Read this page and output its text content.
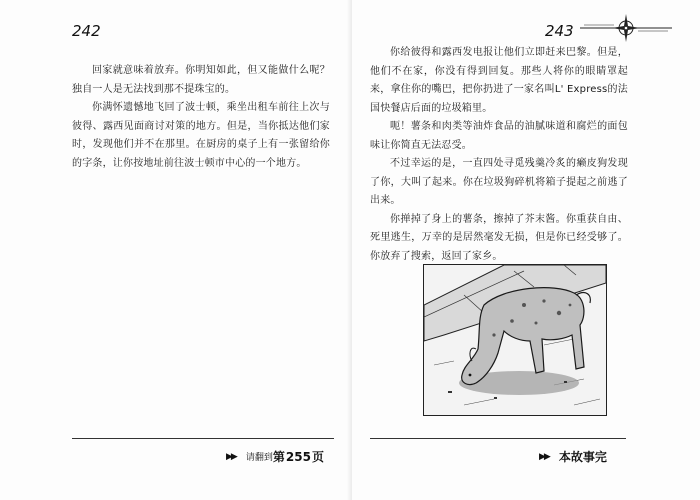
242

回家就意味着放弃。你明知如此，但又能做什么呢？独自一人是无法找到那不提珠宝的。

你满怀遗憾地飞回了波士顿，乘坐出租车前往上次与彼得、露西见面商讨对策的地方。但是，当你抵达他们家时，发现他们并不在那里。在厨房的桌子上有一张留给你的字条，让你按地址前往波士顿市中心的一个地方。

▶▶ 请翻到 第 255 页
243

你给彼得和露西发电报让他们立即赶来巴黎。但是，他们不在家，你没有得到回复。那些人将你的眼睛罩起来，拿住你的嘴巴，把你扔进了一家名叫L' Express的法国快餐店后面的垃圾箱里。

呃！薯条和肉类等油炸食品的油腻味道和腐烂的面包味让你简直无法忍受。

不过幸运的是，一直四处寻觅残羹冷炙的癞皮狗发现了你，大叫了起来。你在垃圾狗碎机将箱子提起之前逃了出来。

你掸掉了身上的薯条，擦掉了芥末酱。你重获自由、死里逃生，万幸的是居然毫发无损，但是你已经受够了。你放弃了搜索，返回了家乡。

▶▶ 本故事完
